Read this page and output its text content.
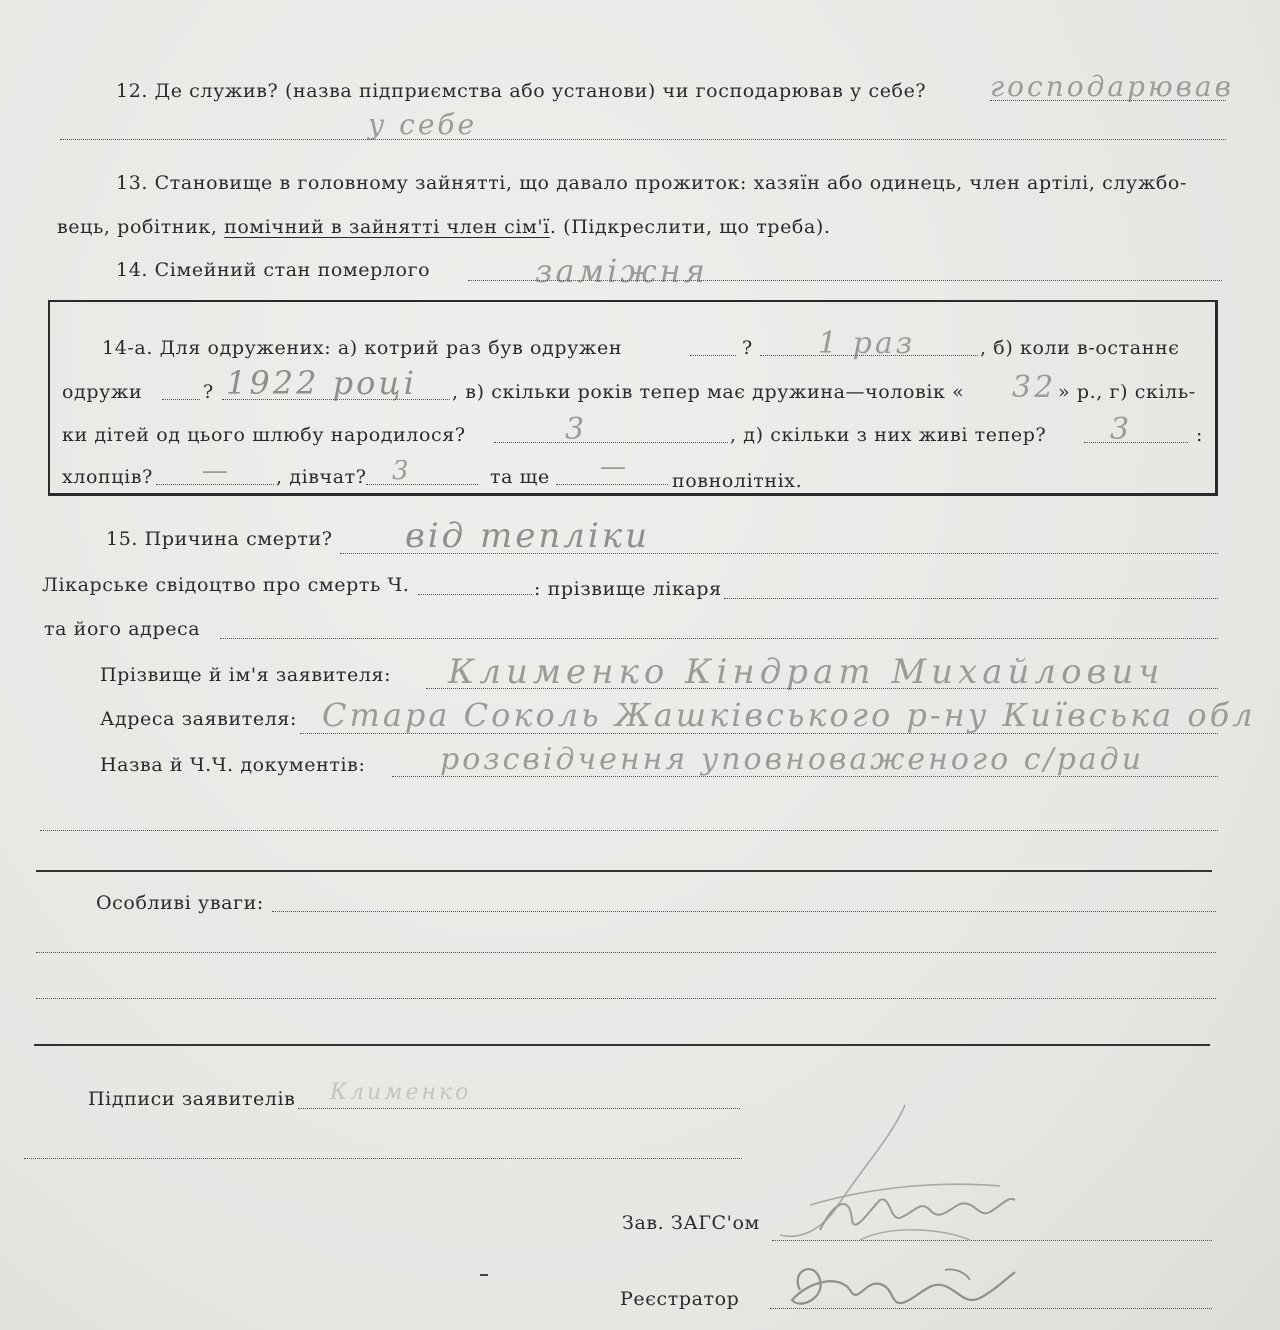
12. Де служив? (назва підприємства або установи) чи господарював у себе? господарював
у себе
13. Становище в головному зайнятті, що давало прожиток: хазяїн або одинець, член артілі, службо-
вець, робітник, помічний в зайнятті член сім'ї. (Підкреслити, що треба).
14. Сімейний стан померлого	заміжня
14-а. Для одружених: а) котрий раз був одружен	? 1 раз	, б) коли в-останнє
одружи	? 1922 році , в) скільки років тепер має дружина—чоловік « 32 » р., г) скіль-
ки дітей од цього шлюбу народилося?	3	, д) скільки з них живі тепер? 3	:
хлопців? — , дівчат? 3	та ще — повнолітніх.
15. Причина смерти? від тепліки
Лікарське свідоцтво про смерть Ч.	: прізвище лікаря
та його адреса
Прізвище й ім'я заявителя: Клименко Кіндрат Михайлович
Адреса заявителя: Стара Соколь Жашківського р-ну Київська обл
Назва й Ч.Ч. документів: розсвідчення уповноваженого с/ради
Особливі уваги:
Підписи заявителів Клименко
Зав. ЗАГС'ом
Реєстратор
